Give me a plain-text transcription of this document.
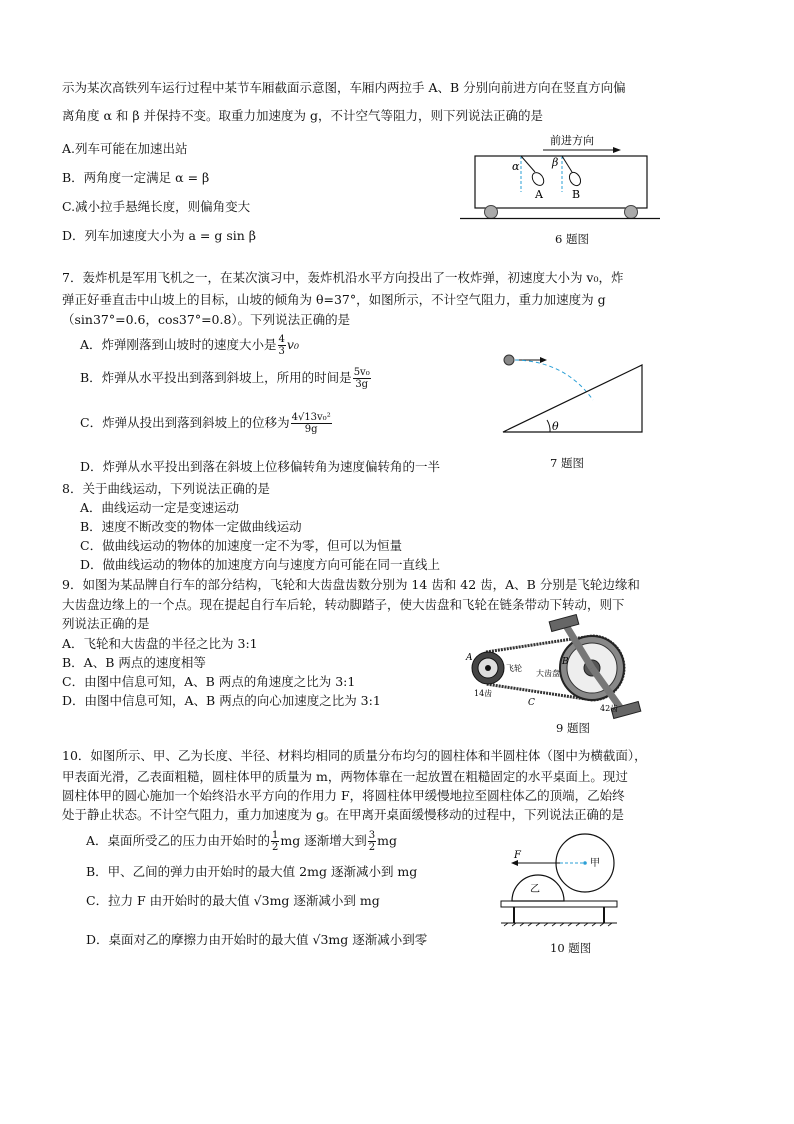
示为某次高铁列车运行过程中某节车厢截面示意图，车厢内两拉手 A、B 分别向前进方向在竖直方向偏
离角度 α 和 β 并保持不变。取重力加速度为 g，不计空气等阻力，则下列说法正确的是
A.列车可能在加速出站
B．两角度一定满足 α = β
C.减小拉手悬绳长度，则偏角变大
D．列车加速度大小为 a = g sin β
前进方向
α	β
A	B
6 题图
7．轰炸机是军用飞机之一，在某次演习中，轰炸机沿水平方向投出了一枚炸弹，初速度大小为 v₀，炸
弹正好垂直击中山坡上的目标，山坡的倾角为 θ=37°，如图所示，不计空气阻力，重力加速度为 g
（sin37°=0.6，cos37°=0.8）。下列说法正确的是
A．炸弹刚落到山坡时的速度大小是 $\frac{4}{3} v_0$
B．炸弹从水平投出到落到斜坡上，所用的时间是 $\frac{\text{5v₀}}{3g}$
C．炸弹从投出到落到斜坡上的位移为 $\frac{\text{4√13v₀²}}{9g}$
D．炸弹从水平投出到落在斜坡上位移偏转角为速度偏转角的一半
θ
7 题图
8．关于曲线运动，下列说法正确的是
A．曲线运动一定是变速运动
B．速度不断改变的物体一定做曲线运动
C．做曲线运动的物体的加速度一定不为零，但可以为恒量
D．做曲线运动的物体的加速度方向与速度方向可能在同一直线上
9．如图为某品牌自行车的部分结构，飞轮和大齿盘齿数分别为 14 齿和 42 齿，A、B 分别是飞轮边缘和
大齿盘边缘上的一个点。现在提起自行车后轮，转动脚踏子，使大齿盘和飞轮在链条带动下转动，则下
列说法正确的是
A．飞轮和大齿盘的半径之比为 3:1
B．A、B 两点的速度相等
C．由图中信息可知，A、B 两点的角速度之比为 3:1
D．由图中信息可知，A、B 两点的向心加速度之比为 3:1
A	B
C
飞轮
大齿盘
14齿
42齿
9 题图
10．如图所示、甲、乙为长度、半径、材料均相同的质量分布均匀的圆柱体和半圆柱体（图中为横截面），
甲表面光滑，乙表面粗糙，圆柱体甲的质量为 m，两物体靠在一起放置在粗糙固定的水平桌面上。现过
圆柱体甲的圆心施加一个始终沿水平方向的作用力 F，将圆柱体甲缓慢地拉至圆柱体乙的顶端，乙始终
处于静止状态。不计空气阻力，重力加速度为 g。在甲离开桌面缓慢移动的过程中，下列说法正确的是
A．桌面所受乙的压力由开始时的 $\frac{1}{2}$ mg 逐渐增大到 $\frac{3}{2}$ mg
B．甲、乙间的弹力由开始时的最大值 2mg 逐渐减小到 mg
C．拉力 F 由开始时的最大值 √3mg 逐渐减小到 mg
D．桌面对乙的摩擦力由开始时的最大值 √3mg 逐渐减小到零
F
甲
乙
10 题图
